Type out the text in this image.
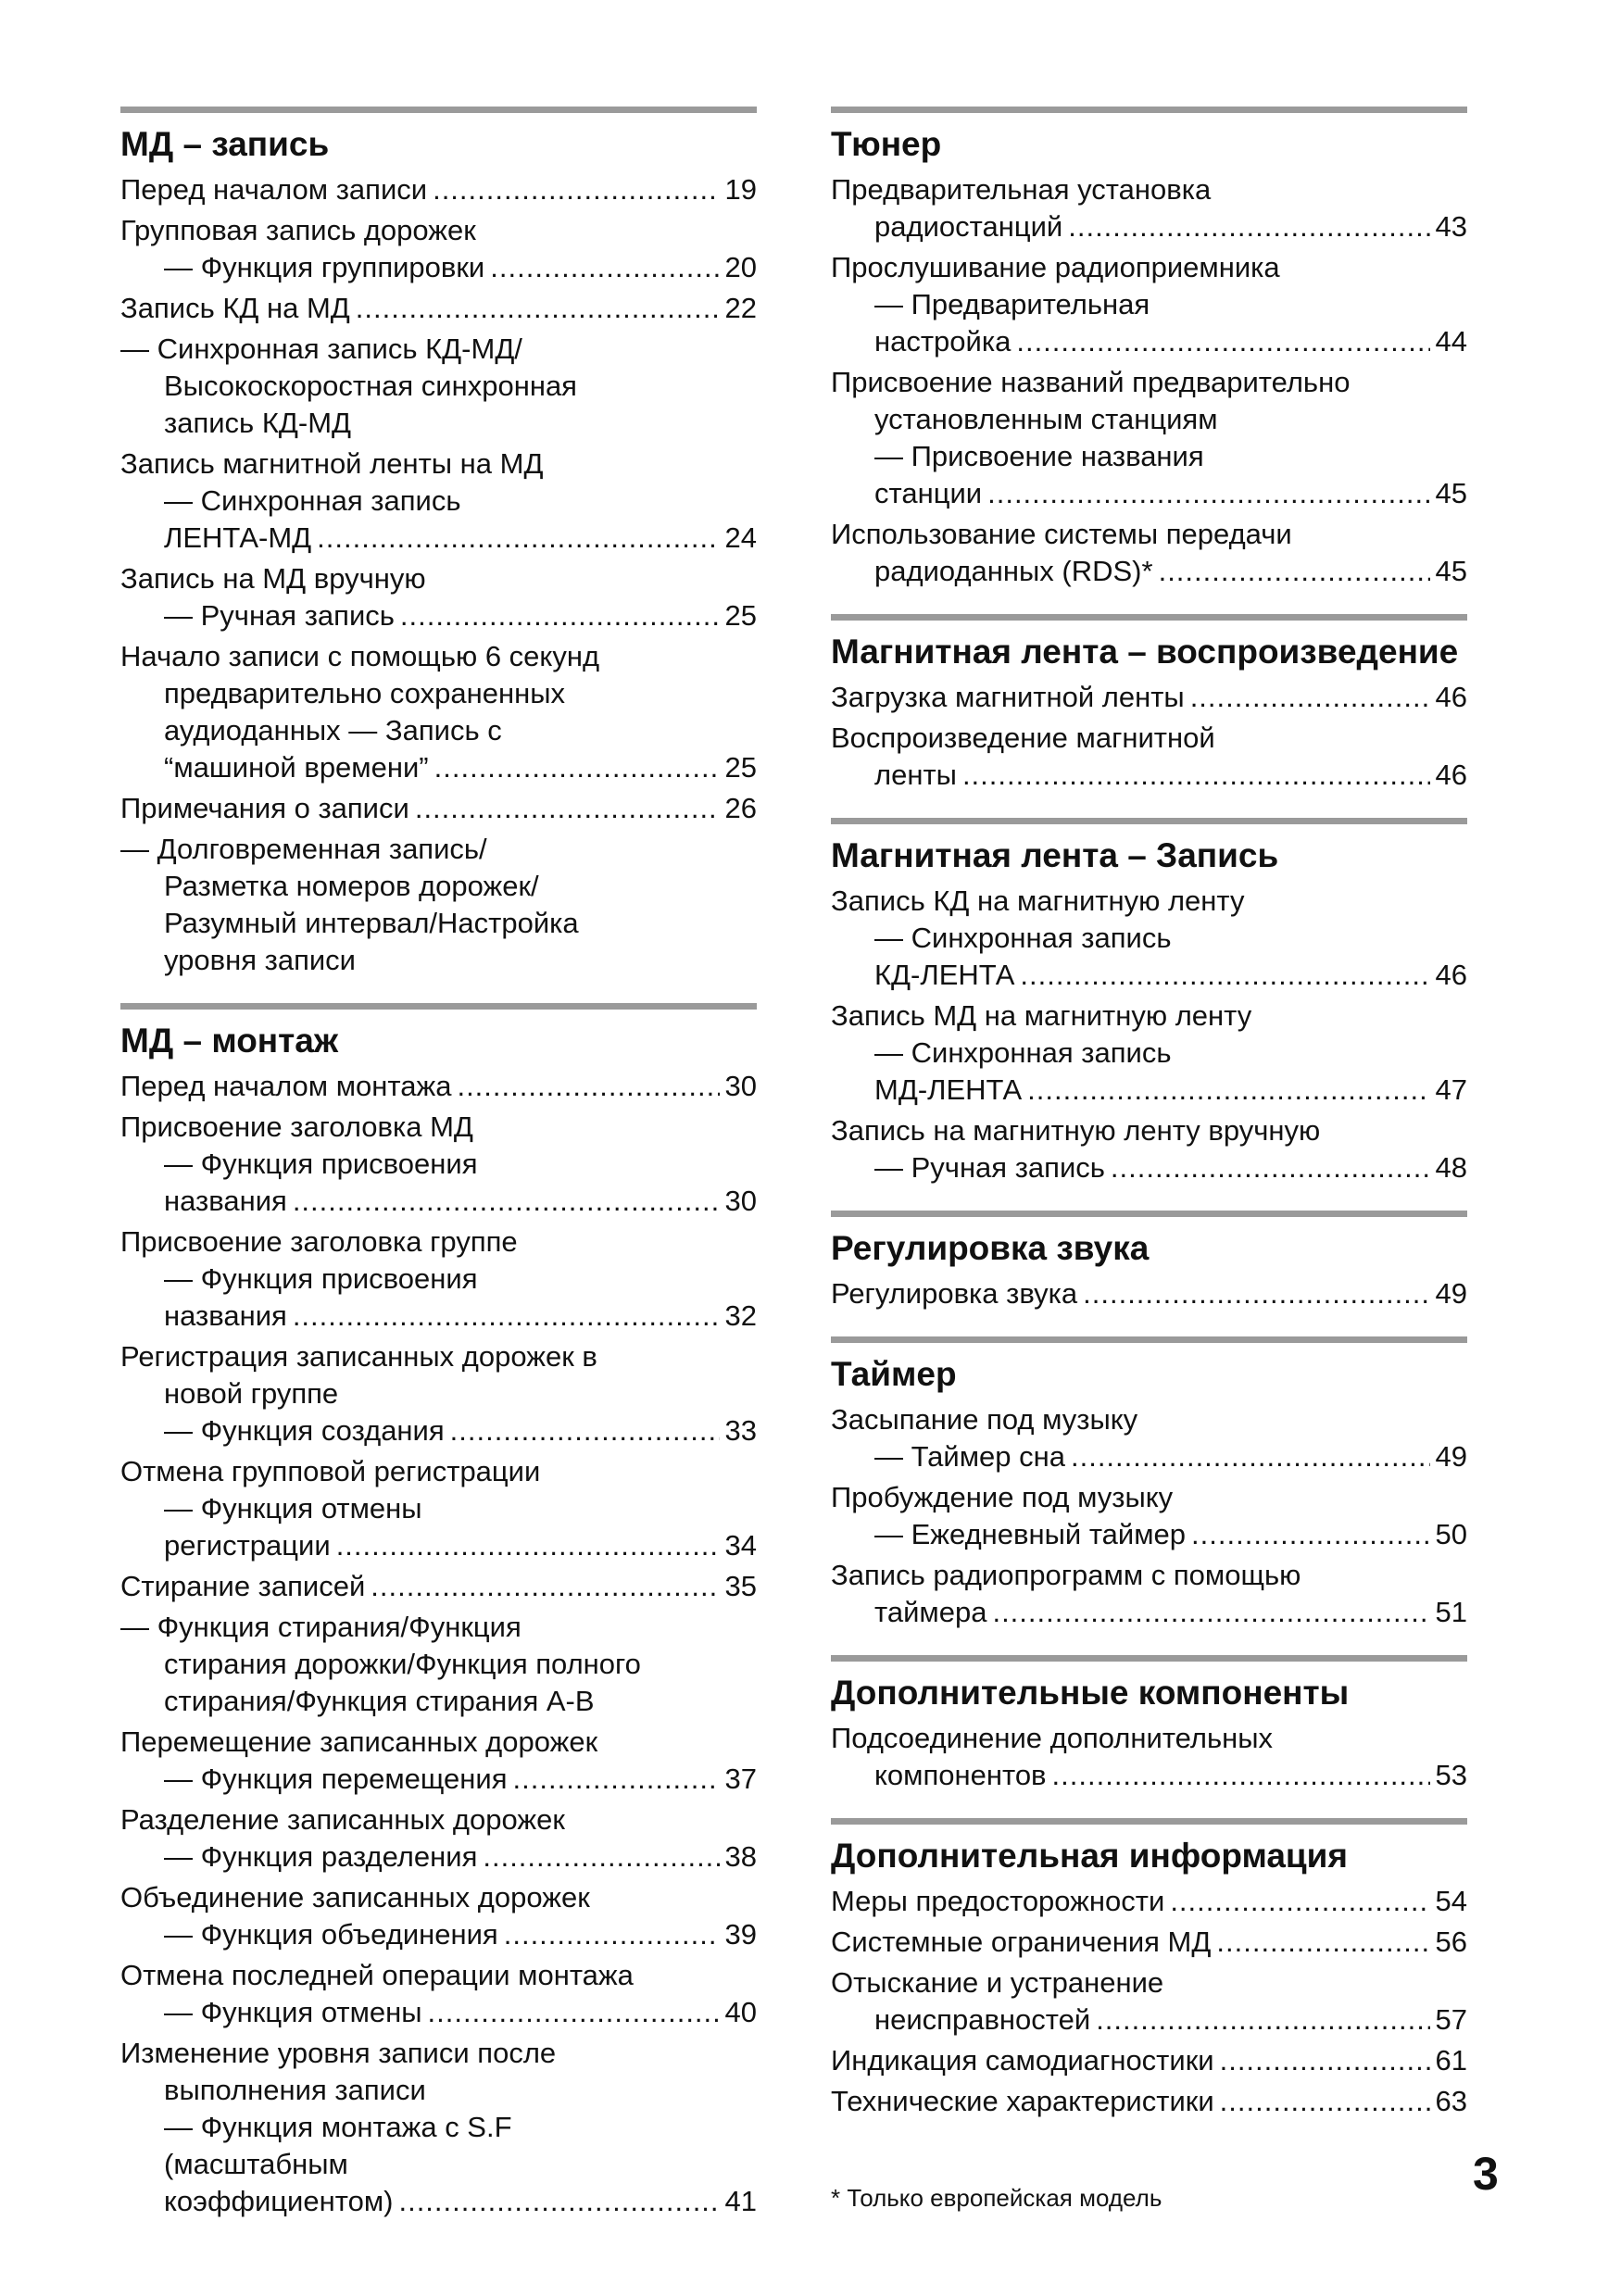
МД – запись
Перед началом записи .....	19
Групповая запись дорожек
— Функция группировки .....	20
Запись КД на МД .....	22
— Синхронная запись КД-МД/
Высокоскоростная синхронная
запись КД-МД
Запись магнитной ленты на МД
— Синхронная запись
ЛЕНТА-МД .....	24
Запись на МД вручную
— Ручная запись .....	25
Начало записи с помощью 6 секунд
предварительно сохраненных
аудиоданных — Запись с
“машиной времени” .....	25
Примечания о записи .....	26
— Долговременная запись/
Разметка номеров дорожек/
Разумный интервал/Настройка
уровня записи
МД – монтаж
Перед началом монтажа .....	30
Присвоение заголовка МД
— Функция присвоения
названия .....	30
Присвоение заголовка группе
— Функция присвоения
названия .....	32
Регистрация записанных дорожек в
новой группе
— Функция создания .....	33
Отмена групповой регистрации
— Функция отмены
регистрации .....	34
Стирание записей .....	35
— Функция стирания/Функция
стирания дорожки/Функция полного
стирания/Функция стирания A-B
Перемещение записанных дорожек
— Функция перемещения .....	37
Разделение записанных дорожек
— Функция разделения .....	38
Объединение записанных дорожек
— Функция объединения .....	39
Отмена последней операции монтажа
— Функция отмены .....	40
Изменение уровня записи после
выполнения записи
— Функция монтажа с S.F
(масштабным
коэффициентом) .....	41
Тюнер
Предварительная установка
радиостанций .....	43
Прослушивание радиоприемника
— Предварительная
настройка .....	44
Присвоение названий предварительно
установленным станциям
— Присвоение названия
станции .....	45
Использование системы передачи
радиоданных (RDS)* .....	45
Магнитная лента – воспроизведение
Загрузка магнитной ленты .....	46
Воспроизведение магнитной
ленты .....	46
Магнитная лента – Запись
Запись КД на магнитную ленту
— Синхронная запись
КД-ЛЕНТА .....	46
Запись МД на магнитную ленту
— Синхронная запись
МД-ЛЕНТА .....	47
Запись на магнитную ленту вручную
— Ручная запись .....	48
Регулировка звука
Регулировка звука .....	49
Таймер
Засыпание под музыку
— Таймер сна .....	49
Пробуждение под музыку
— Ежедневный таймер .....	50
Запись радиопрограмм с помощью
таймера .....	51
Дополнительные компоненты
Подсоединение дополнительных
компонентов .....	53
Дополнительная информация
Меры предосторожности .....	54
Системные ограничения МД .....	56
Отыскание и устранение
неисправностей .....	57
Индикация самодиагностики .....	61
Технические характеристики .....	63
* Только европейская модель	3
